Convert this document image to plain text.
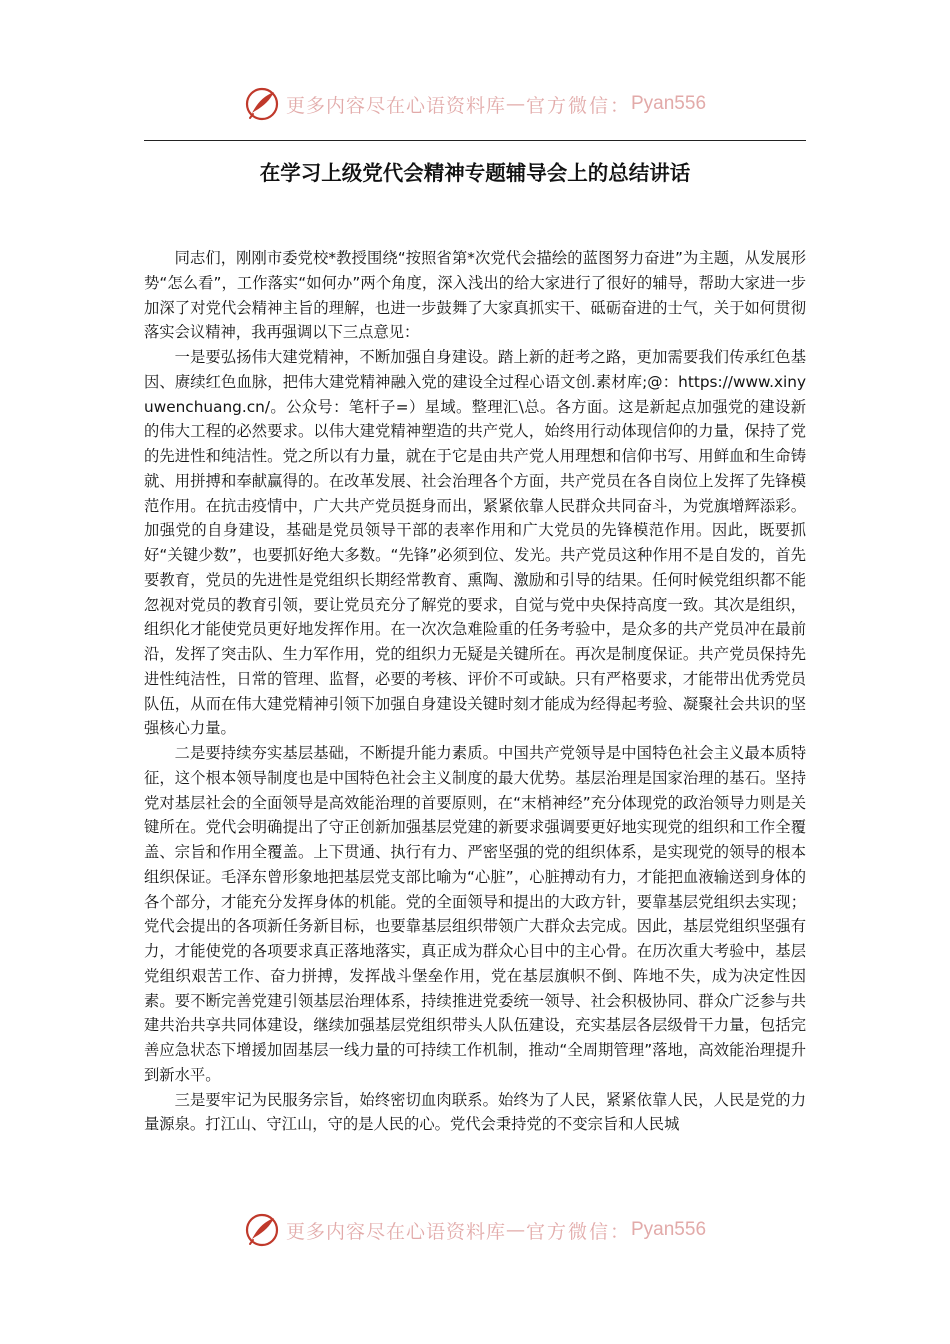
更多内容尽在心语资料库 — 官方微信： Pyan556
在学习上级党代会精神专题辅导会上的总结讲话

同志们，刚刚市委党校*教授围绕“按照省第*次党代会描绘的蓝图努力奋进”为主题，从发展形势“怎么看”，工作落实“如何办”两个角度，深入浅出的给大家进行了很好的辅导，帮助大家进一步加深了对党代会精神主旨的理解，也进一步鼓舞了大家真抓实干、砥砺奋进的士气，关于如何贯彻落实会议精神，我再强调以下三点意见：

一是要弘扬伟大建党精神，不断加强自身建设。踏上新的赶考之路，更加需要我们传承红色基因、赓续红色血脉，把伟大建党精神融入党的建设全过程心语文创.素材库;@：https://www.xinyuwenchuang.cn/。公众号：笔杆子=）星域。整理汇\总。各方面。这是新起点加强党的建设新的伟大工程的必然要求。以伟大建党精神塑造的共产党人，始终用行动体现信仰的力量，保持了党的先进性和纯洁性。党之所以有力量，就在于它是由共产党人用理想和信仰书写、用鲜血和生命铸就、用拼搏和奉献赢得的。在改革发展、社会治理各个方面，共产党员在各自岗位上发挥了先锋模范作用。在抗击疫情中，广大共产党员挺身而出，紧紧依靠人民群众共同奋斗，为党旗增辉添彩。加强党的自身建设，基础是党员领导干部的表率作用和广大党员的先锋模范作用。因此，既要抓好“关键少数”，也要抓好绝大多数。“先锋”必须到位、发光。共产党员这种作用不是自发的，首先要教育，党员的先进性是党组织长期经常教育、熏陶、激励和引导的结果。任何时候党组织都不能忽视对党员的教育引领，要让党员充分了解党的要求，自觉与党中央保持高度一致。其次是组织，组织化才能使党员更好地发挥作用。在一次次急难险重的任务考验中，是众多的共产党员冲在最前沿，发挥了突击队、生力军作用，党的组织力无疑是关键所在。再次是制度保证。共产党员保持先进性纯洁性，日常的管理、监督，必要的考核、评价不可或缺。只有严格要求，才能带出优秀党员队伍，从而在伟大建党精神引领下加强自身建设关键时刻才能成为经得起考验、凝聚社会共识的坚强核心力量。

二是要持续夯实基层基础，不断提升能力素质。中国共产党领导是中国特色社会主义最本质特征，这个根本领导制度也是中国特色社会主义制度的最大优势。基层治理是国家治理的基石。坚持党对基层社会的全面领导是高效能治理的首要原则，在“末梢神经”充分体现党的政治领导力则是关键所在。党代会明确提出了守正创新加强基层党建的新要求强调要更好地实现党的组织和工作全覆盖、宗旨和作用全覆盖。上下贯通、执行有力、严密坚强的党的组织体系，是实现党的领导的根本组织保证。毛泽东曾形象地把基层党支部比喻为“心脏”，心脏搏动有力，才能把血液输送到身体的各个部分，才能充分发挥身体的机能。党的全面领导和提出的大政方针，要靠基层党组织去实现；党代会提出的各项新任务新目标，也要靠基层组织带领广大群众去完成。因此，基层党组织坚强有力，才能使党的各项要求真正落地落实，真正成为群众心目中的主心骨。在历次重大考验中，基层党组织艰苦工作、奋力拼搏，发挥战斗堡垒作用，党在基层旗帜不倒、阵地不失，成为决定性因素。要不断完善党建引领基层治理体系，持续推进党委统一领导、社会积极协同、群众广泛参与共建共治共享共同体建设，继续加强基层党组织带头人队伍建设，充实基层各层级骨干力量，包括完善应急状态下增援加固基层一线力量的可持续工作机制，推动“全周期管理”落地，高效能治理提升到新水平。

三是要牢记为民服务宗旨，始终密切血肉联系。始终为了人民，紧紧依靠人民，人民是党的力量源泉。打江山、守江山，守的是人民的心。党代会秉持党的不变宗旨和人民城

更多内容尽在心语资料库 — 官方微信： Pyan556
